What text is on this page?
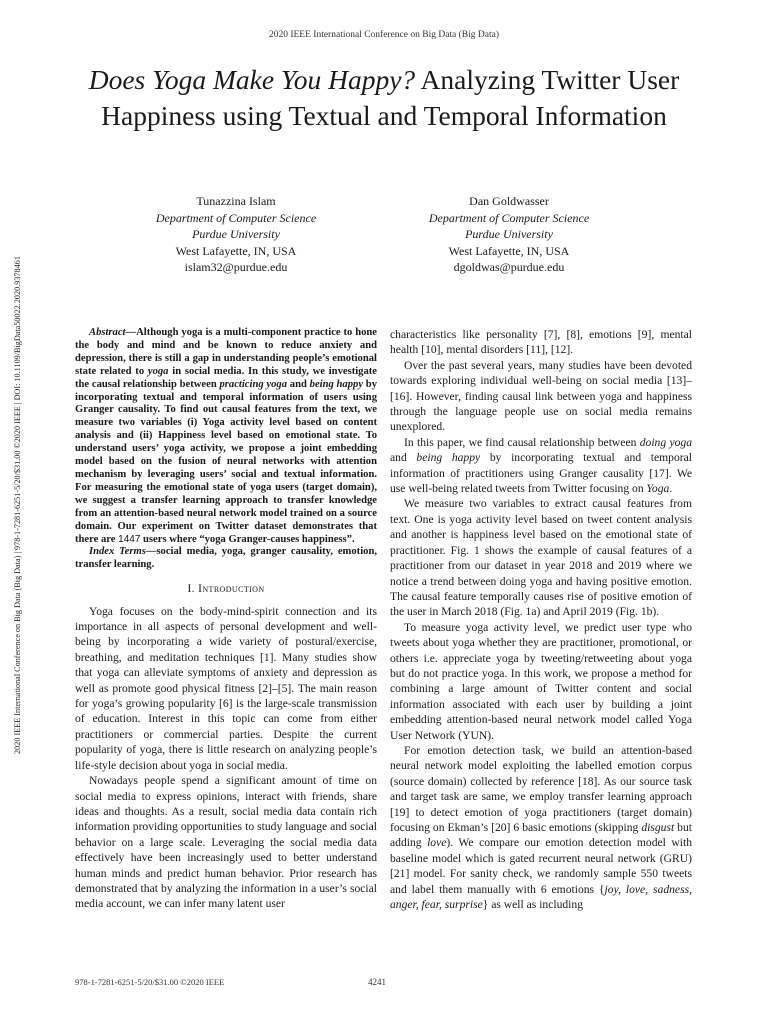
2020 IEEE International Conference on Big Data (Big Data)
Does Yoga Make You Happy? Analyzing Twitter User Happiness using Textual and Temporal Information
Tunazzina Islam
Department of Computer Science
Purdue University
West Lafayette, IN, USA
islam32@purdue.edu
Dan Goldwasser
Department of Computer Science
Purdue University
West Lafayette, IN, USA
dgoldwas@purdue.edu
2020 IEEE International Conference on Big Data (Big Data) | 978-1-7281-6251-5/20/$31.00 ©2020 IEEE | DOI: 10.1109/BigData50022.2020.9378461	Abstract—Although yoga is a multi-component practice to hone the body and mind and be known to reduce anxiety and depression, there is still a gap in understanding people’s emotional state related to yoga in social media. In this study, we investigate the causal relationship between practicing yoga and being happy by incorporating textual and temporal information of users using Granger causality. To find out causal features from the text, we measure two variables (i) Yoga activity level based on content analysis and (ii) Happiness level based on emotional state. To understand users’ yoga activity, we propose a joint embedding model based on the fusion of neural networks with attention mechanism by leveraging users’ social and textual information. For measuring the emotional state of yoga users (target domain), we suggest a transfer learning approach to transfer knowledge from an attention-based neural network model trained on a source domain. Our experiment on Twitter dataset demonstrates that there are 1447 users where “yoga Granger-causes happiness”.

Index Terms—social media, yoga, granger causality, emotion, transfer learning.

I. Introduction

Yoga focuses on the body-mind-spirit connection and its importance in all aspects of personal development and well-being by incorporating a wide variety of postural/exercise, breathing, and meditation techniques [1]. Many studies show that yoga can alleviate symptoms of anxiety and depression as well as promote good physical fitness [2]–[5]. The main reason for yoga’s growing popularity [6] is the large-scale transmission of education. Interest in this topic can come from either practitioners or commercial parties. Despite the current popularity of yoga, there is little research on analyzing people’s life-style decision about yoga in social media.

Nowadays people spend a significant amount of time on social media to express opinions, interact with friends, share ideas and thoughts. As a result, social media data contain rich information providing opportunities to study language and social behavior on a large scale. Leveraging the social media data effectively have been increasingly used to better understand human minds and predict human behavior. Prior research has demonstrated that by analyzing the information in a user’s social media account, we can infer many latent user

characteristics like personality [7], [8], emotions [9], mental health [10], mental disorders [11], [12].

Over the past several years, many studies have been devoted towards exploring individual well-being on social media [13]–[16]. However, finding causal link between yoga and happiness through the language people use on social media remains unexplored.

In this paper, we find causal relationship between doing yoga and being happy by incorporating textual and temporal information of practitioners using Granger causality [17]. We use well-being related tweets from Twitter focusing on Yoga.

We measure two variables to extract causal features from text. One is yoga activity level based on tweet content analysis and another is happiness level based on the emotional state of practitioner. Fig. 1 shows the example of causal features of a practitioner from our dataset in year 2018 and 2019 where we notice a trend between doing yoga and having positive emotion. The causal feature temporally causes rise of positive emotion of the user in March 2018 (Fig. 1a) and April 2019 (Fig. 1b).

To measure yoga activity level, we predict user type who tweets about yoga whether they are practitioner, promotional, or others i.e. appreciate yoga by tweeting/retweeting about yoga but do not practice yoga. In this work, we propose a method for combining a large amount of Twitter content and social information associated with each user by building a joint embedding attention-based neural network model called Yoga User Network (YUN).

For emotion detection task, we build an attention-based neural network model exploiting the labelled emotion corpus (source domain) collected by reference [18]. As our source task and target task are same, we employ transfer learning approach [19] to detect emotion of yoga practitioners (target domain) focusing on Ekman’s [20] 6 basic emotions (skipping disgust but adding love). We compare our emotion detection model with baseline model which is gated recurrent neural network (GRU) [21] model. For sanity check, we randomly sample 550 tweets and label them manually with 6 emotions {joy, love, sadness, anger, fear, surprise} as well as including

978-1-7281-6251-5/20/$31.00 ©2020 IEEE	4241
